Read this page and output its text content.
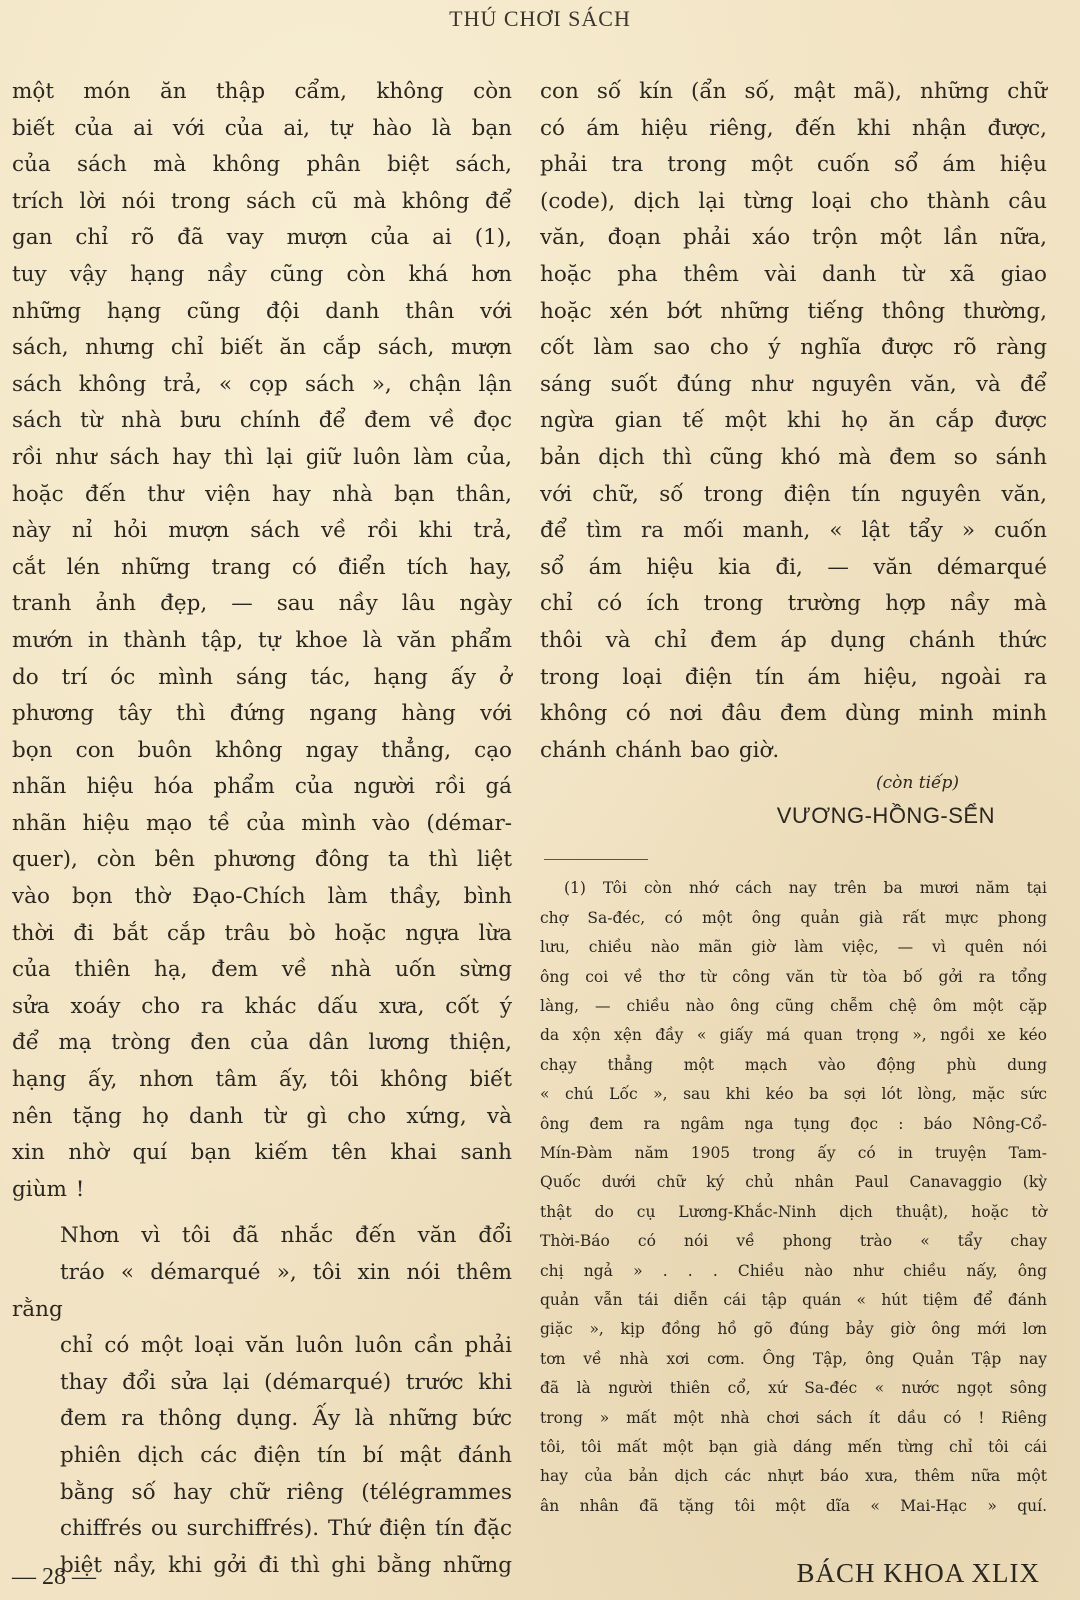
THÚ CHƠI SÁCH

một món ăn thập cẩm, không còn
biết của ai với của ai, tự hào là bạn
của sách mà không phân biệt sách,
trích lời nói trong sách cũ mà không để
gan chỉ rõ đã vay mượn của ai (1),
tuy vậy hạng nầy cũng còn khá hơn
những hạng cũng đội danh thân với
sách, nhưng chỉ biết ăn cắp sách, mượn
sách không trả, « cọp sách », chận lận
sách từ nhà bưu chính để đem về đọc
rồi như sách hay thì lại giữ luôn làm của,
hoặc đến thư viện hay nhà bạn thân,
này nỉ hỏi mượn sách về rồi khi trả,
cắt lén những trang có điển tích hay,
tranh ảnh đẹp, — sau nầy lâu ngày
mướn in thành tập, tự khoe là văn phẩm
do trí óc mình sáng tác, hạng ấy ở
phương tây thì đứng ngang hàng với
bọn con buôn không ngay thẳng, cạo
nhãn hiệu hóa phẩm của người rồi gá
nhãn hiệu mạo tề của mình vào (démar-
quer), còn bên phương đông ta thì liệt
vào bọn thờ Đạo-Chích làm thầy, bình
thời đi bắt cắp trâu bò hoặc ngựa lừa
của thiên hạ, đem về nhà uốn sừng
sửa xoáy cho ra khác dấu xưa, cốt ý
để mạ tròng đen của dân lương thiện,
hạng ấy, nhơn tâm ấy, tôi không biết
nên tặng họ danh từ gì cho xứng, và
xin nhờ quí bạn kiếm tên khai sanh
giùm !

Nhơn vì tôi đã nhắc đến văn đổi
tráo « démarqué », tôi xin nói thêm rằng
chỉ có một loại văn luôn luôn cần phải
thay đổi sửa lại (démarqué) trước khi
đem ra thông dụng. Ấy là những bức
phiên dịch các điện tín bí mật đánh
bằng số hay chữ riêng (télégrammes
chiffrés ou surchiffrés). Thứ điện tín đặc
biệt nầy, khi gởi đi thì ghi bằng những

con số kín (ẩn số, mật mã), những chữ
có ám hiệu riêng, đến khi nhận được,
phải tra trong một cuốn sổ ám hiệu
(code), dịch lại từng loại cho thành câu
văn, đoạn phải xáo trộn một lần nữa,
hoặc pha thêm vài danh từ xã giao
hoặc xén bớt những tiếng thông thường,
cốt làm sao cho ý nghĩa được rõ ràng
sáng suốt đúng như nguyên văn, và để
ngừa gian tế một khi họ ăn cắp được
bản dịch thì cũng khó mà đem so sánh
với chữ, số trong điện tín nguyên văn,
để tìm ra mối manh, « lật tẩy » cuốn
sổ ám hiệu kia đi, — văn démarqué
chỉ có ích trong trường hợp nầy mà
thôi và chỉ đem áp dụng chánh thức
trong loại điện tín ám hiệu, ngoài ra
không có nơi đâu đem dùng minh minh
chánh chánh bao giờ.

(còn tiếp)
VƯƠNG-HỒNG-SỂN

(1) Tôi còn nhớ cách nay trên ba mươi năm tại
chợ Sa-đéc, có một ông quản già rất mực phong
lưu, chiều nào mãn giờ làm việc, — vì quên nói
ông coi về thơ từ công văn từ tòa bố gởi ra tổng
làng, — chiều nào ông cũng chễm chệ ôm một cặp
da xộn xện đầy « giấy má quan trọng », ngồi xe kéo
chạy thẳng một mạch vào động phù dung
« chú Lốc », sau khi kéo ba sợi lót lòng, mặc sức
ông đem ra ngâm nga tụng đọc : báo Nông-Cổ-
Mín-Đàm năm 1905 trong ấy có in truyện Tam-
Quốc dưới chữ ký chủ nhân Paul Canavaggio (kỳ
thật do cụ Lương-Khắc-Ninh dịch thuật), hoặc tờ
Thời-Báo có nói về phong trào « tẩy chay
chị ngả » . . . Chiều nào như chiều nấy, ông
quản vẫn tái diễn cái tập quán « hút tiệm để đánh
giặc », kịp đồng hồ gõ đúng bảy giờ ông mới lơn
tơn về nhà xơi cơm. Ông Tập, ông Quản Tập nay
đã là người thiên cổ, xứ Sa-đéc « nước ngọt sông
trong » mất một nhà chơi sách ít dầu có ! Riêng
tôi, tôi mất một bạn già dáng mến từng chỉ tôi cái
hay của bản dịch các nhựt báo xưa, thêm nữa một
ân nhân đã tặng tôi một dĩa « Mai-Hạc » quí.

— 28 —	BÁCH KHOA XLIX
